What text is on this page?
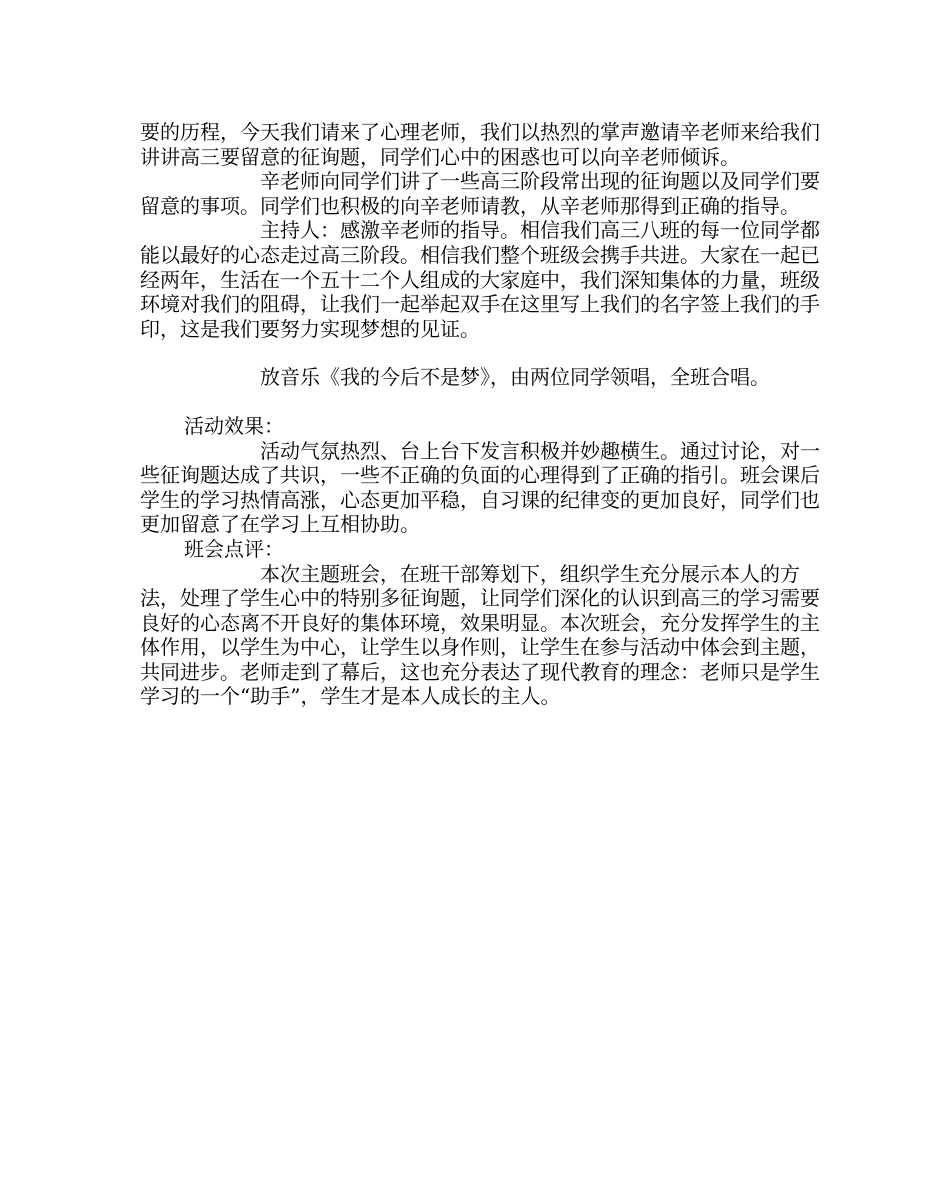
要的历程，今天我们请来了心理老师，我们以热烈的掌声邀请辛老师来给我们讲讲高三要留意的征询题，同学们心中的困惑也可以向辛老师倾诉。

辛老师向同学们讲了一些高三阶段常出现的征询题以及同学们要留意的事项。同学们也积极的向辛老师请教，从辛老师那得到正确的指导。

主持人：感激辛老师的指导。相信我们高三八班的每一位同学都能以最好的心态走过高三阶段。相信我们整个班级会携手共进。大家在一起已经两年，生活在一个五十二个人组成的大家庭中，我们深知集体的力量，班级环境对我们的阻碍，让我们一起举起双手在这里写上我们的名字签上我们的手印，这是我们要努力实现梦想的见证。

放音乐《我的今后不是梦》，由两位同学领唱，全班合唱。

活动效果：

活动气氛热烈、台上台下发言积极并妙趣横生。通过讨论，对一些征询题达成了共识，一些不正确的负面的心理得到了正确的指引。班会课后学生的学习热情高涨，心态更加平稳，自习课的纪律变的更加良好，同学们也更加留意了在学习上互相协助。

班会点评：

本次主题班会，在班干部筹划下，组织学生充分展示本人的方法，处理了学生心中的特别多征询题，让同学们深化的认识到高三的学习需要良好的心态离不开良好的集体环境，效果明显。本次班会，充分发挥学生的主体作用，以学生为中心，让学生以身作则，让学生在参与活动中体会到主题，共同进步。老师走到了幕后，这也充分表达了现代教育的理念：老师只是学生学习的一个“助手”，学生才是本人成长的主人。
